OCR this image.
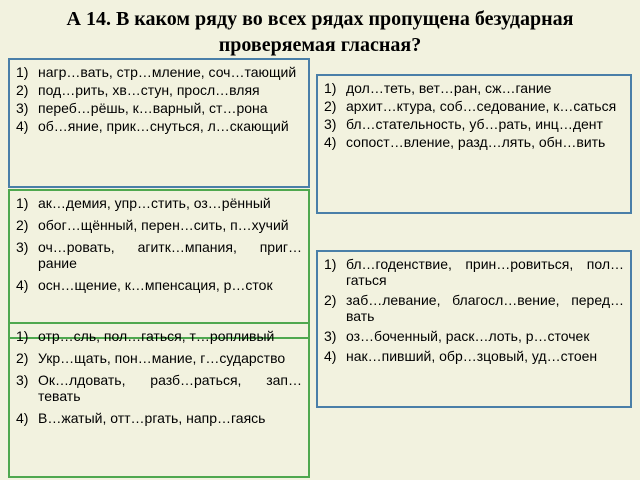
А 14. В каком ряду во всех рядах пропущена безударная
проверяемая гласная?
1) нагр…вать, стр…мление, соч…тающий
2) под…рить, хв…стун, просл…вляя
3) переб…рёшь, к…варный, ст…рона
4) об…яние, прик…снуться, л…скающий
1) ак…демия, упр…стить, оз…рённый
2) обог…щённый, перен…сить, п…хучий
3) оч…ровать, агитк…мпания, приг…рание
4) осн…щение, к…мпенсация, р…сток
1) отр…сль, пол…гаться, т…ропливый
2) Укр…щать, пон…мание, г…сударство
3) Ок…лдовать, разб…раться, зап…тевать
4) В…жатый, отт…ргать, напр…гаясь
1) дол…теть, вет…ран, сж…гание
2) архит…ктура, соб…седование, к…саться
3) бл…стательность, уб…рать, инц…дент
4) сопост…вление, разд…лять, обн…вить
1) бл…годенствие, прин…ровиться, пол…гаться
2) заб…левание, благосл…вение, перед…вать
3) оз…боченный, раск…лоть, р…сточек
4) нак…пивший, обр…зцовый, уд…стоен
